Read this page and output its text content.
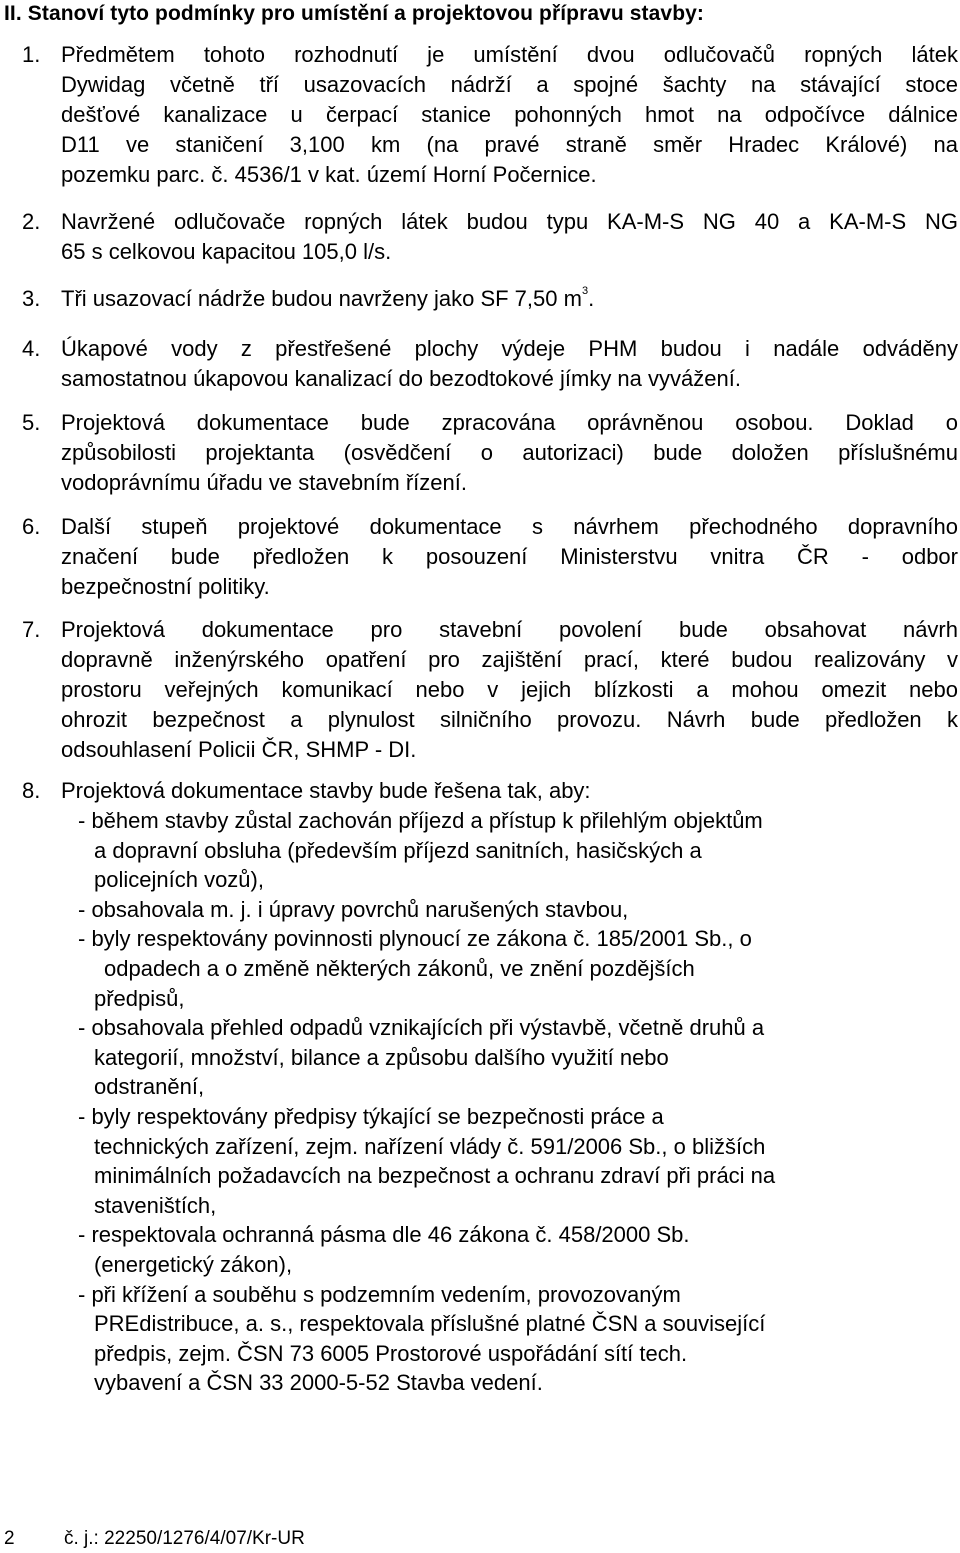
II. Stanoví tyto podmínky pro umístění a projektovou přípravu stavby:
1. Předmětem tohoto rozhodnutí je umístění dvou odlučovačů ropných látek
Dywidag včetně tří usazovacích nádrží a spojné šachty na stávající stoce
dešťové kanalizace u čerpací stanice pohonných hmot na odpočívce dálnice
D11 ve staničení 3,100 km (na pravé straně směr Hradec Králové) na
pozemku parc. č. 4536/1 v kat. území Horní Počernice.
2. Navržené odlučovače ropných látek budou typu KA-M-S NG 40 a KA-M-S NG
65 s celkovou kapacitou 105,0 l/s.
3. Tři usazovací nádrže budou navrženy jako SF 7,50 $m^3$.
4. Úkapové vody z přestřešené plochy výdeje PHM budou i nadále odváděny
samostatnou úkapovou kanalizací do bezodtokové jímky na vyvážení.
5. Projektová dokumentace bude zpracována oprávněnou osobou. Doklad o
způsobilosti projektanta (osvědčení o autorizaci) bude doložen příslušnému
vodoprávnímu úřadu ve stavebním řízení.
6. Další stupeň projektové dokumentace s návrhem přechodného dopravního
značení bude předložen k posouzení Ministerstvu vnitra ČR - odbor
bezpečnostní politiky.
7. Projektová dokumentace pro stavební povolení bude obsahovat návrh
dopravně inženýrského opatření pro zajištění prací, které budou realizovány v
prostoru veřejných komunikací nebo v jejich blízkosti a mohou omezit nebo
ohrozit bezpečnost a plynulost silničního provozu. Návrh bude předložen k
odsouhlasení Policii ČR, SHMP - DI.
8. Projektová dokumentace stavby bude řešena tak, aby:
- během stavby zůstal zachován příjezd a přístup k přilehlým objektům
a dopravní obsluha (především příjezd sanitních, hasičských a
policejních vozů),
- obsahovala m. j. i úpravy povrchů narušených stavbou,
- byly respektovány povinnosti plynoucí ze zákona č. 185/2001 Sb., o
odpadech a o změně některých zákonů, ve znění pozdějších
předpisů,
- obsahovala přehled odpadů vznikajících při výstavbě, včetně druhů a
kategorií, množství, bilance a způsobu dalšího využití nebo
odstranění,
- byly respektovány předpisy týkající se bezpečnosti práce a
technických zařízení, zejm. nařízení vlády č. 591/2006 Sb., o bližších
minimálních požadavcích na bezpečnost a ochranu zdraví při práci na
staveništích,
- respektovala ochranná pásma dle 46 zákona č. 458/2000 Sb.
(energetický zákon),
- při křížení a souběhu s podzemním vedením, provozovaným
PREdistribuce, a. s., respektovala příslušné platné ČSN a související
předpis, zejm. ČSN 73 6005 Prostorové uspořádání sítí tech.
vybavení a ČSN 33 2000-5-52 Stavba vedení.
2	č. j.: 22250/1276/4/07/Kr-UR
